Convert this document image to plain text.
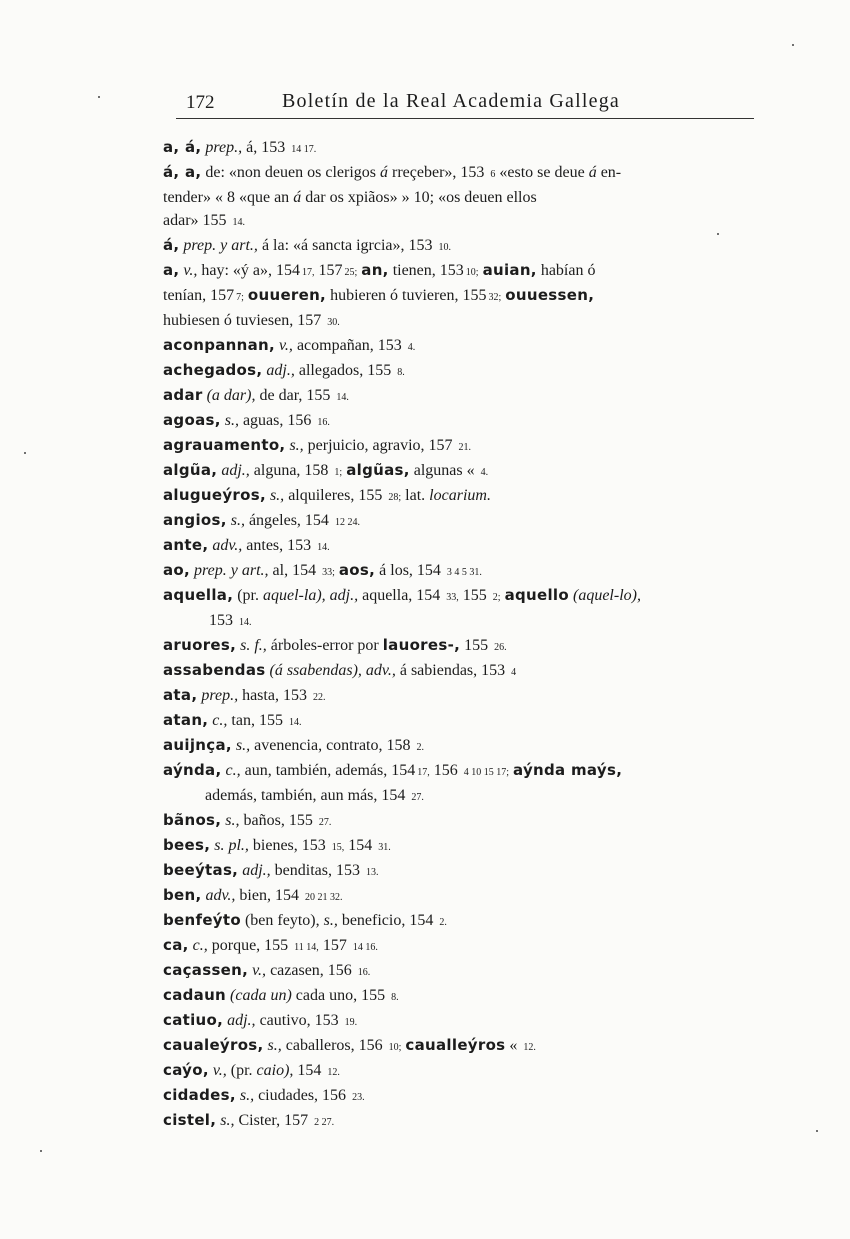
172	Boletín de la Real Academia Gallega
a, á, prep., á, 153 14 17.
á, a, de: «non deuen os clerigos á rreçeber», 153 6 «esto se deue á en-
tender» « 8 «que an á dar os xpiãos» » 10; «os deuen ellos
adar» 155 14.
á, prep. y art., á la: «á sancta igrcia», 153 10.
a, v., hay: «ý a», 154 17, 157 25; an, tienen, 153 10; auian, habían ó
tenían, 157 7; ouueren, hubieren ó tuvieren, 155 32; ouuessen,
hubiesen ó tuviesen, 157 30.
aconpannan, v., acompañan, 153 4.
achegados, adj., allegados, 155 8.
adar (a dar), de dar, 155 14.
agoas, s., aguas, 156 16.
agrauamento, s., perjuicio, agravio, 157 21.
algũa, adj., alguna, 158 1; algũas, algunas « 4.
alugueýros, s., alquileres, 155 28; lat. locarium.
angios, s., ángeles, 154 12 24.
ante, adv., antes, 153 14.
ao, prep. y art., al, 154 33; aos, á los, 154 3 4 5 31.
aquella, (pr. aquel-la), adj., aquella, 154 33, 155 2; aquello (aquel-lo),
153 14.
aruores, s. f., árboles-error por lauores-, 155 26.
assabendas (á ssabendas), adv., á sabiendas, 153 4
ata, prep., hasta, 153 22.
atan, c., tan, 155 14.
auijnça, s., avenencia, contrato, 158 2.
aýnda, c., aun, también, además, 154 17, 156 4 10 15 17; aýnda maýs,
además, también, aun más, 154 27.
bãnos, s., baños, 155 27.
bees, s. pl., bienes, 153 15, 154 31.
beeýtas, adj., benditas, 153 13.
ben, adv., bien, 154 20 21 32.
benfeýto (ben feyto), s., beneficio, 154 2.
ca, c., porque, 155 11 14, 157 14 16.
caçassen, v., cazasen, 156 16.
cadaun (cada un) cada uno, 155 8.
catiuo, adj., cautivo, 153 19.
caualeýros, s., caballeros, 156 10; cauallеýros « 12.
caýo, v., (pr. caio), 154 12.
cidades, s., ciudades, 156 23.
cistel, s., Cister, 157 2 27.
